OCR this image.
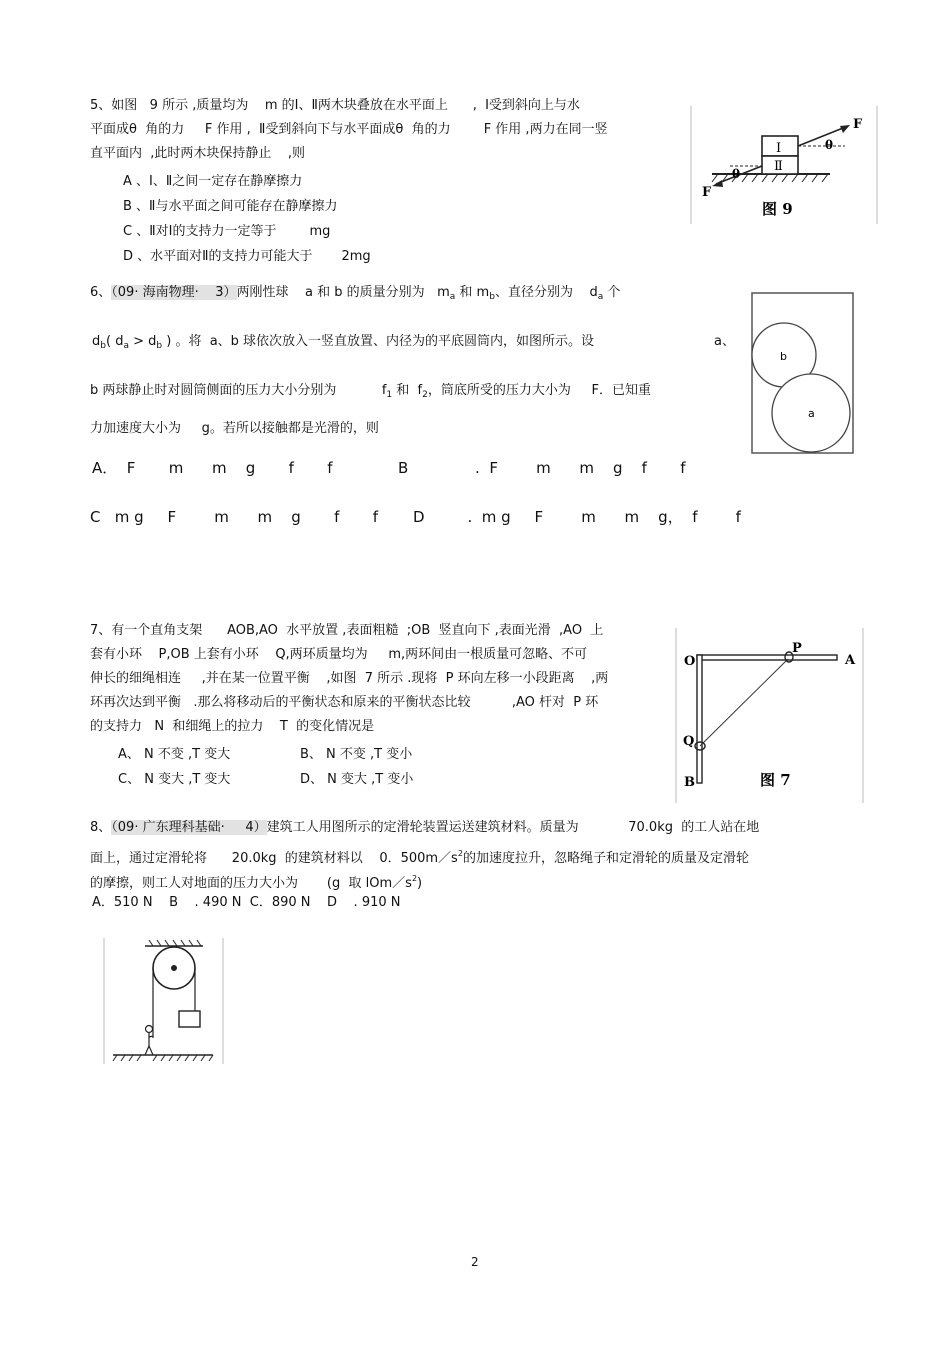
5、如图   9 所示 ,质量均为    m 的Ⅰ、Ⅱ两木块叠放在水平面上      ,  Ⅰ受到斜向上与水
平面成θ  角的力     F 作用 ,  Ⅱ受到斜向下与水平面成θ  角的力        F 作用 ,两力在同一竖
直平面内  ,此时两木块保持静止    ,则
A 、Ⅰ、Ⅱ之间一定存在静摩擦力
B 、Ⅱ与水平面之间可能存在静摩擦力
C 、Ⅱ对Ⅰ的支持力一定等于        mg
D 、水平面对Ⅱ的支持力可能大于       2mg
Ⅰ
Ⅱ
F
θ
F
θ
图 9
6、（09· 海南物理·    3）两刚性球    a 和 b 的质量分别为 $m_a$ 和 $m_b$、直径分别为    $d_a$ 个
$d_b$( $d_a > d_b$ ) 。将  a、b 球依次放入一竖直放置、内径为的平底圆筒内，如图所示。设	a、
b 两球静止时对圆筒侧面的压力大小分别为           $f_1$ 和  $f_2$，筒底所受的压力大小为     F．已知重
力加速度大小为     g。若所以接触都是光滑的，则
A．  F       m      m    g       f       f	B              .  F        m      m    g    f       f
C   m g     F        m      m    g       f       f D         .  m g     F        m      m    g，  f        f
b
a
7、有一个直角支架      AOB,AO  水平放置 ,表面粗糙  ;OB  竖直向下 ,表面光滑  ,AO  上
套有小环    P,OB 上套有小环    Q,两环质量均为     m,两环间由一根质量可忽略、不可
伸长的细绳相连     ,并在某一位置平衡    ,如图  7 所示 .现将  P 环向左移一小段距离    ,两
环再次达到平衡   .那么将移动后的平衡状态和原来的平衡状态比较          ,AO 杆对  P 环
的支持力   N  和细绳上的拉力    T  的变化情况是
A、 N 不变 ,T 变大	B、 N 不变 ,T 变小
C、 N 变大 ,T 变大	D、 N 变大 ,T 变小
O
P
A
Q
B	图 7
8、（09· 广东理科基础·     4）建筑工人用图所示的定滑轮装置运送建筑材料。质量为            70.0kg  的工人站在地
面上，通过定滑轮将      20.0kg  的建筑材料以    0．$500m/s^2$的加速度拉升，忽略绳子和定滑轮的质量及定滑轮
的摩擦，则工人对地面的压力大小为       (g  取 $lOm/s^2$)
A．510 N    B    . 490 N  C．890 N    D    . 910 N
2
